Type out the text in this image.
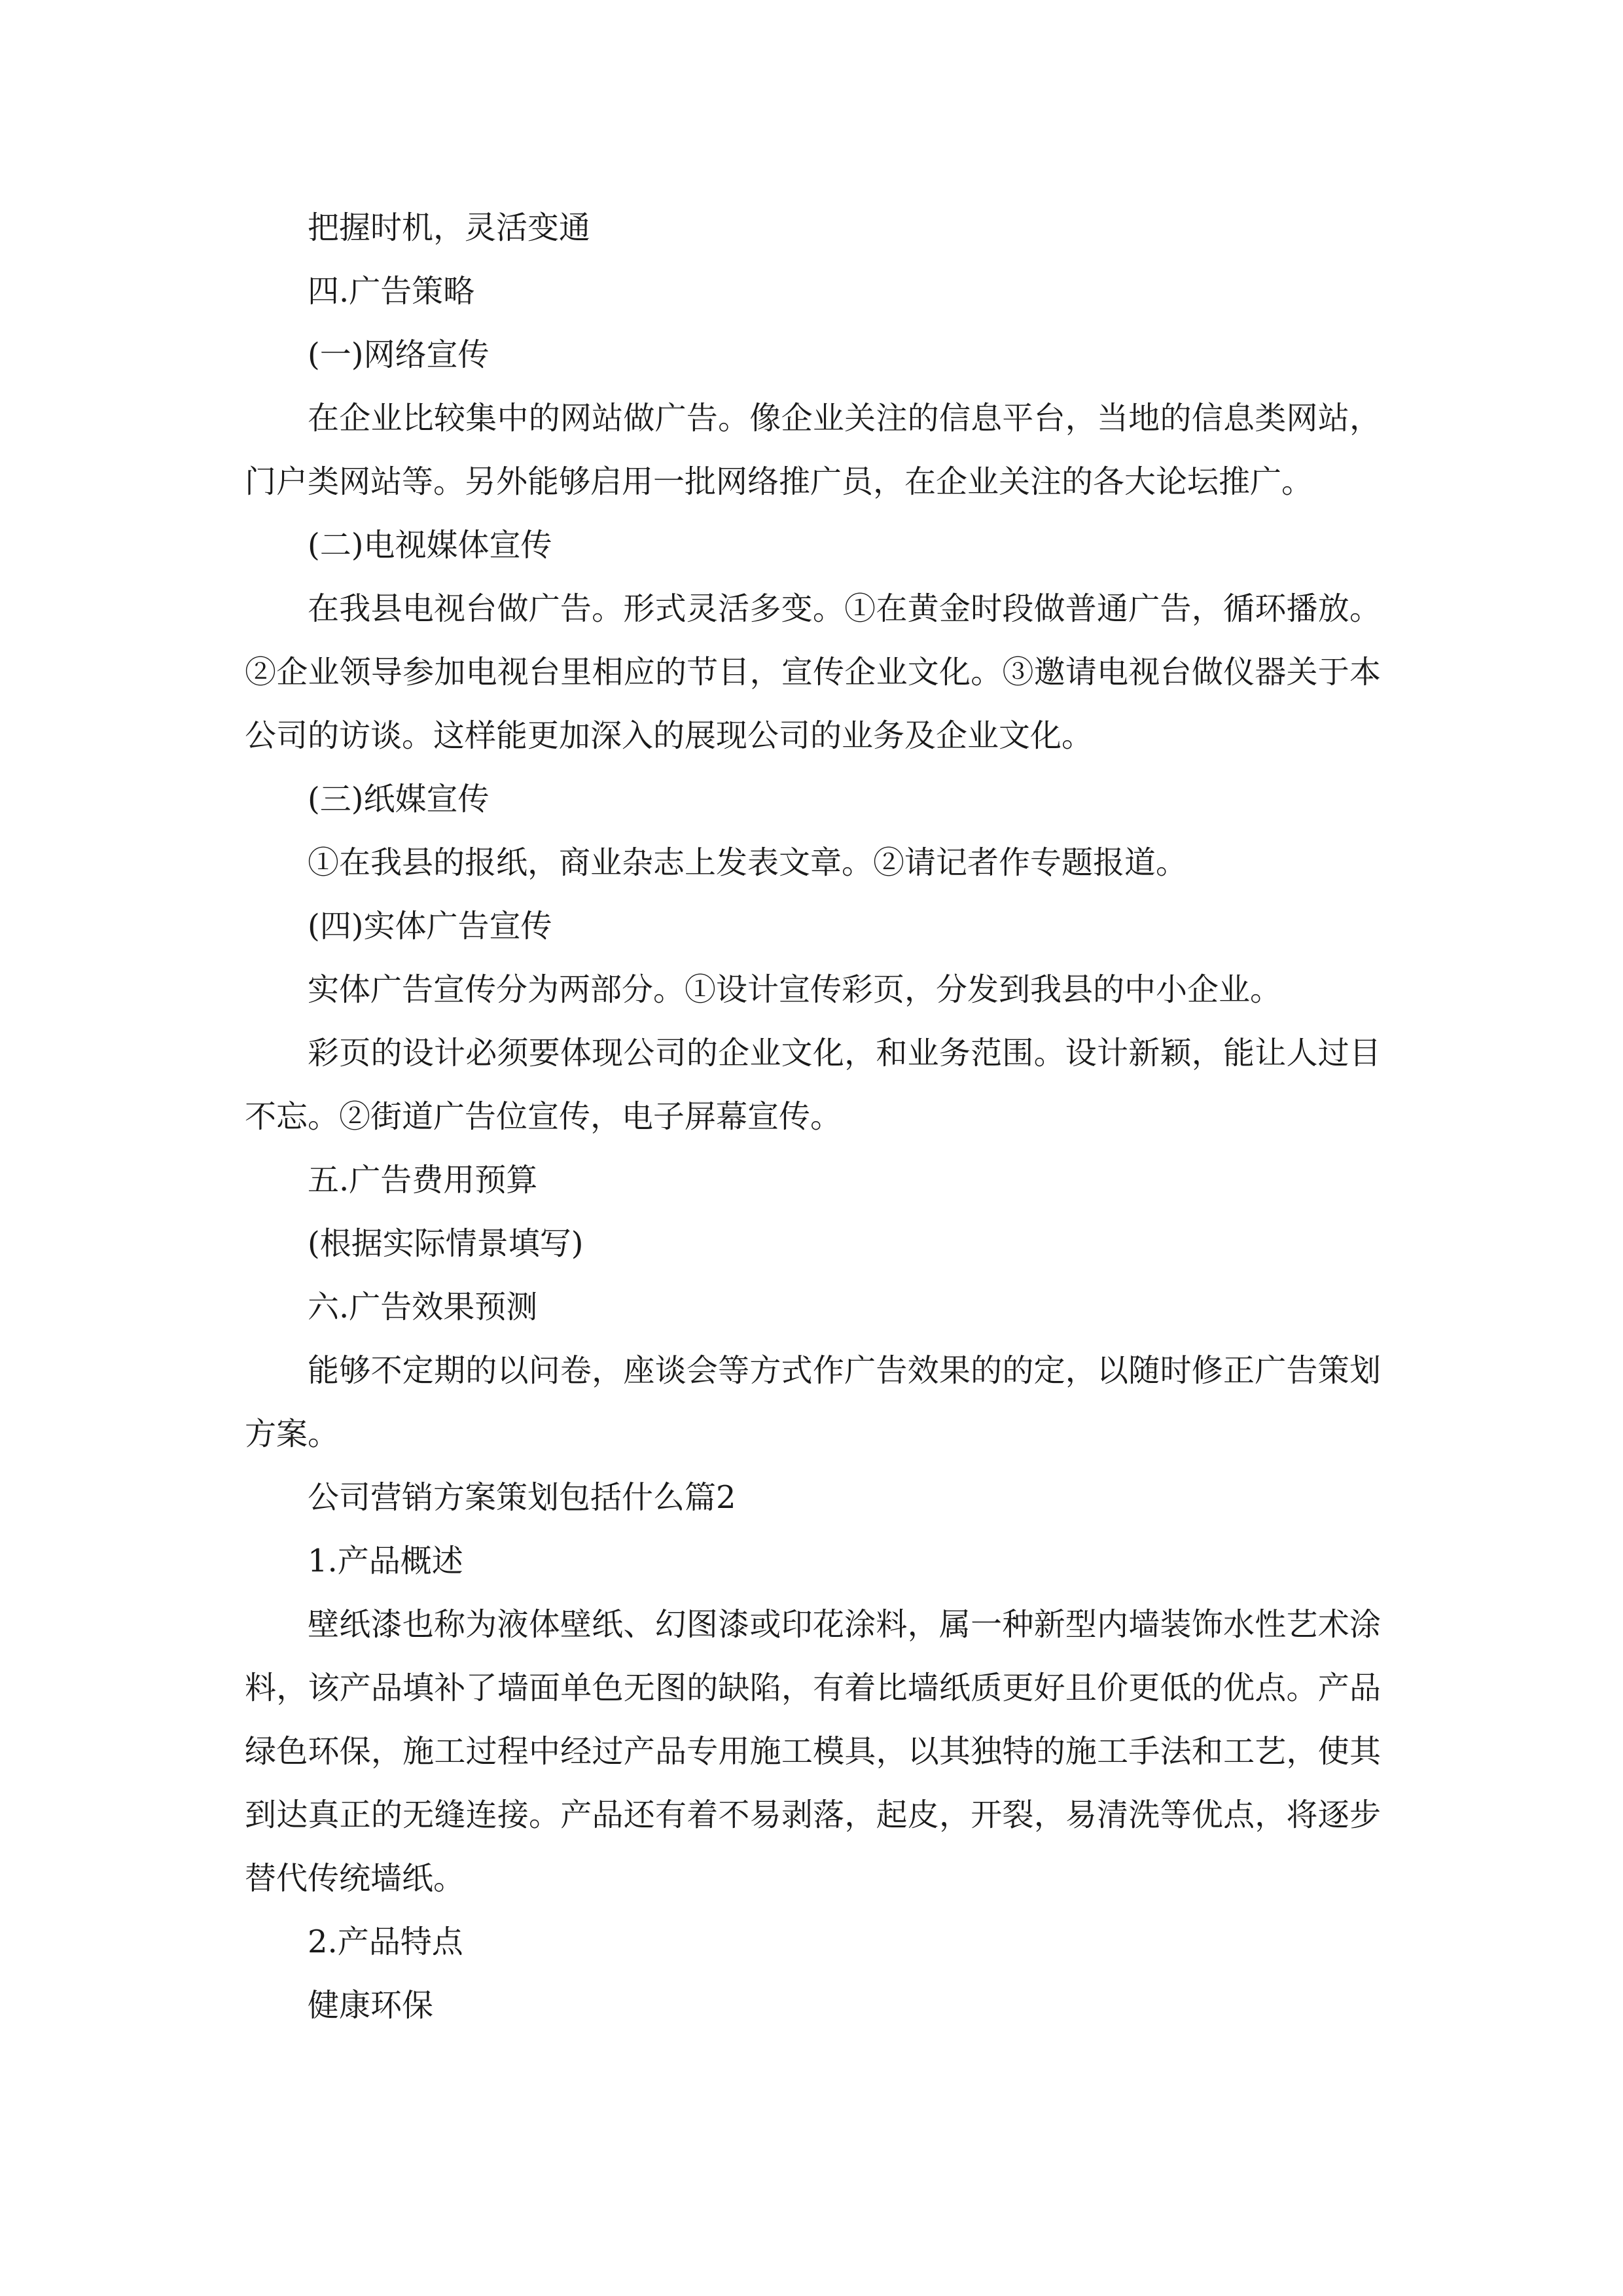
把握时机，灵活变通

四.广告策略

(一)网络宣传

在企业比较集中的网站做广告。像企业关注的信息平台，当地的信息类网站，门户类网站等。另外能够启用一批网络推广员，在企业关注的各大论坛推广。

(二)电视媒体宣传

在我县电视台做广告。形式灵活多变。①在黄金时段做普通广告，循环播放。②企业领导参加电视台里相应的节目，宣传企业文化。③邀请电视台做仪器关于本公司的访谈。这样能更加深入的展现公司的业务及企业文化。

(三)纸媒宣传

①在我县的报纸，商业杂志上发表文章。②请记者作专题报道。

(四)实体广告宣传

实体广告宣传分为两部分。①设计宣传彩页，分发到我县的中小企业。

彩页的设计必须要体现公司的企业文化，和业务范围。设计新颖，能让人过目不忘。②街道广告位宣传，电子屏幕宣传。

五.广告费用预算

(根据实际情景填写)

六.广告效果预测

能够不定期的以问卷，座谈会等方式作广告效果的的定，以随时修正广告策划方案。

公司营销方案策划包括什么篇2

1.产品概述

壁纸漆也称为液体壁纸、幻图漆或印花涂料，属一种新型内墙装饰水性艺术涂料，该产品填补了墙面单色无图的缺陷，有着比墙纸质更好且价更低的优点。产品绿色环保，施工过程中经过产品专用施工模具，以其独特的施工手法和工艺，使其到达真正的无缝连接。产品还有着不易剥落，起皮，开裂，易清洗等优点，将逐步替代传统墙纸。

2.产品特点

健康环保
